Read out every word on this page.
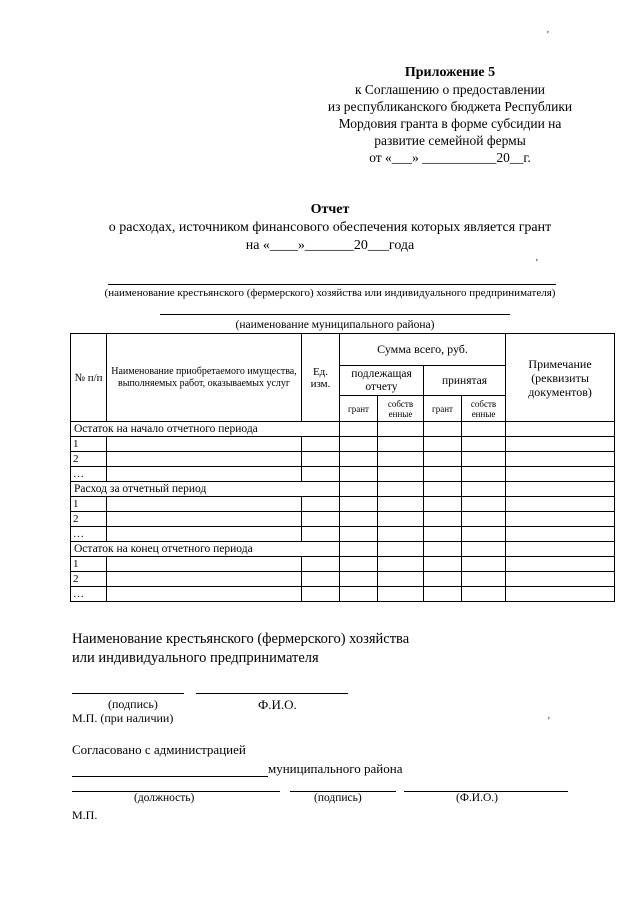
Приложение 5
к Соглашению о предоставлении
из республиканского бюджета Республики
Мордовия гранта в форме субсидии на
развитие семейной фермы
от «___» ___________20__г.
Отчет
о расходах, источником финансового обеспечения которых является грант
на «____»_______20___года
'
'
(наименование крестьянского (фермерского) хозяйства или индивидуального предпринимателя)
(наименование муниципального района)
№ п/п	Наименование приобретаемого имущества, выполняемых работ, оказываемых услуг	Ед. изм.	Сумма всего, руб.				Примечание (реквизиты документов)
			подлежащая отчету		принятая		
			грант	собств енные	грант	собств енные	
Остаток на начало отчетного периода							
1							
2							
…							
Расход за отчетный период							
1							
2							
…							
Остаток на конец отчетного периода							
1							
2							
…							
Наименование крестьянского (фермерского) хозяйства
или индивидуального предпринимателя
(подпись)	Ф.И.О.
М.П. (при наличии)	'
Согласовано с администрацией
муниципального района
(должность)	(подпись)	(Ф.И.О.)
М.П.
